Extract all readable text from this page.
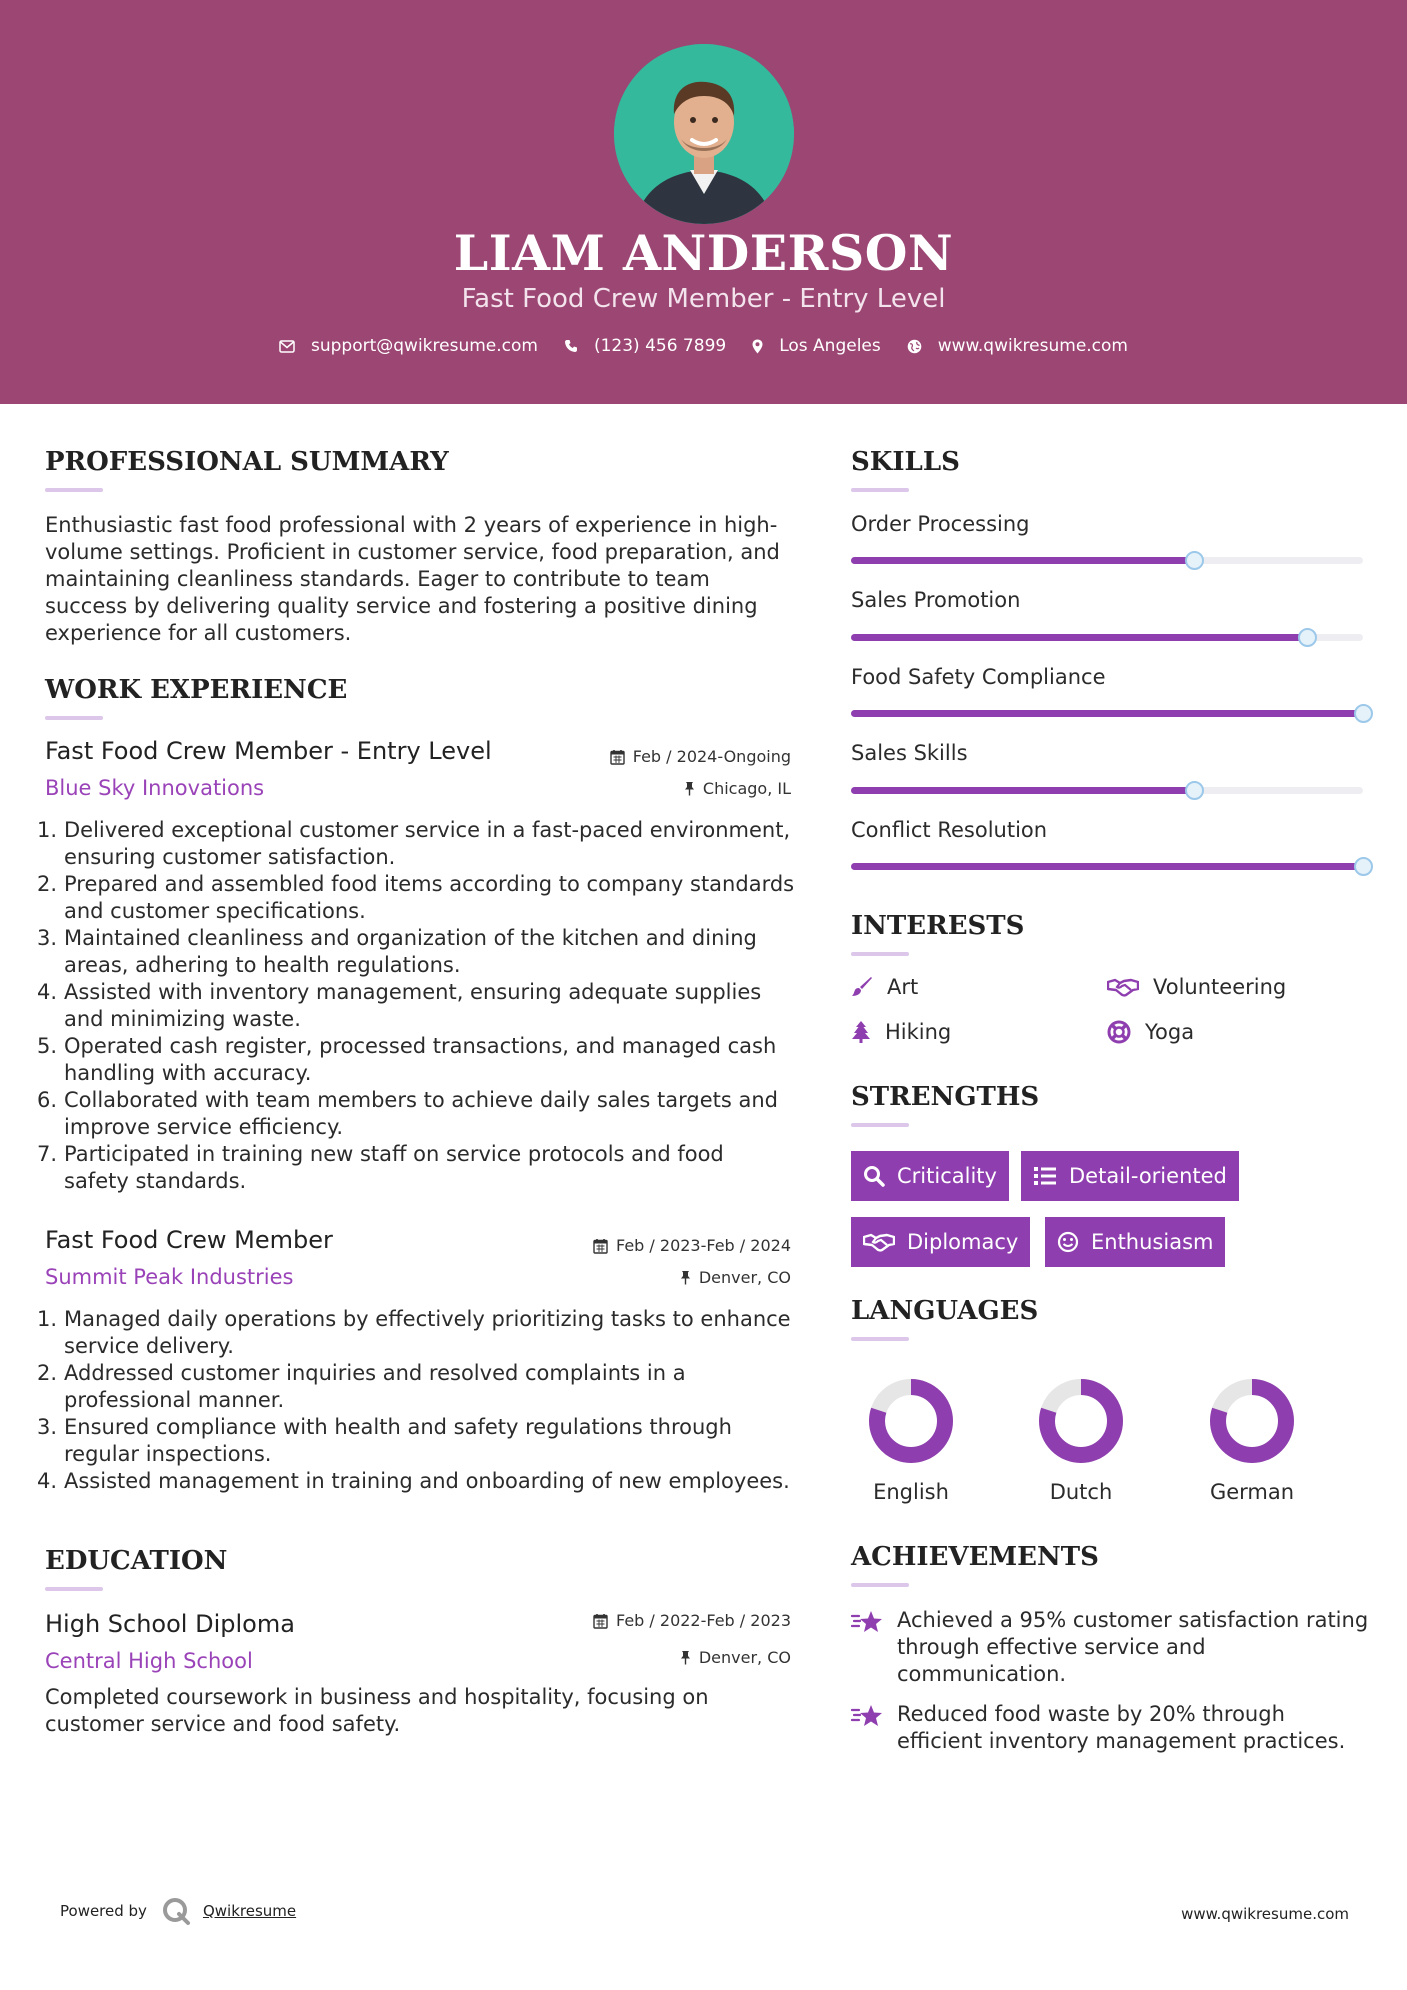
LIAM ANDERSON
Fast Food Crew Member - Entry Level
support@qwikresume.com	(123) 456 7899	Los Angeles	www.qwikresume.com
PROFESSIONAL SUMMARY
Enthusiastic fast food professional with 2 years of experience in high-volume settings. Proficient in customer service, food preparation, and maintaining cleanliness standards. Eager to contribute to team success by delivering quality service and fostering a positive dining experience for all customers.
WORK EXPERIENCE
Fast Food Crew Member - Entry Level	Feb / 2024-Ongoing
Blue Sky Innovations	Chicago, IL
1. Delivered exceptional customer service in a fast-paced environment, ensuring customer satisfaction.
2. Prepared and assembled food items according to company standards and customer specifications.
3. Maintained cleanliness and organization of the kitchen and dining areas, adhering to health regulations.
4. Assisted with inventory management, ensuring adequate supplies and minimizing waste.
5. Operated cash register, processed transactions, and managed cash handling with accuracy.
6. Collaborated with team members to achieve daily sales targets and improve service efficiency.
7. Participated in training new staff on service protocols and food safety standards.
Fast Food Crew Member	Feb / 2023-Feb / 2024
Summit Peak Industries	Denver, CO
1. Managed daily operations by effectively prioritizing tasks to enhance service delivery.
2. Addressed customer inquiries and resolved complaints in a professional manner.
3. Ensured compliance with health and safety regulations through regular inspections.
4. Assisted management in training and onboarding of new employees.
EDUCATION
High School Diploma	Feb / 2022-Feb / 2023
Central High School	Denver, CO
Completed coursework in business and hospitality, focusing on customer service and food safety.
SKILLS
Order Processing
Sales Promotion
Food Safety Compliance
Sales Skills
Conflict Resolution
INTERESTS
Art	Volunteering
Hiking	Yoga
STRENGTHS
Criticality	Detail-oriented
Diplomacy	Enthusiasm
LANGUAGES
English	Dutch	German
ACHIEVEMENTS
Achieved a 95% customer satisfaction rating through effective service and communication.
Reduced food waste by 20% through efficient inventory management practices.
Powered by	Qwikresume	www.qwikresume.com
